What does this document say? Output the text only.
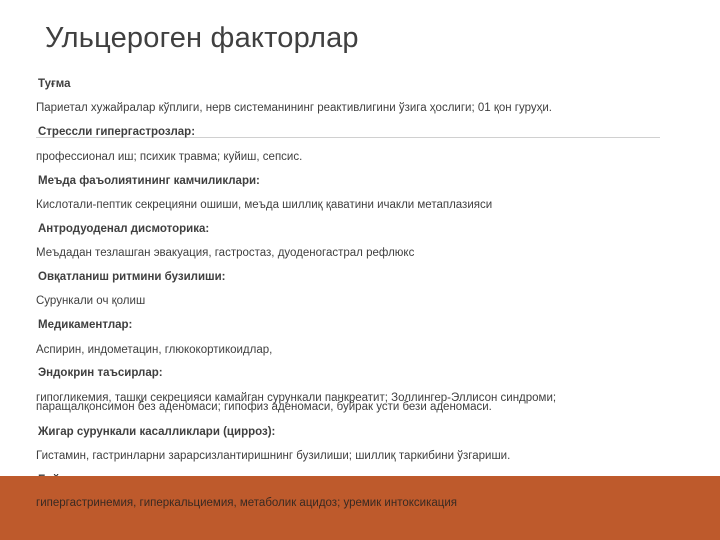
Ульцероген факторлар
Туғма
Париетал хужайралар кўплиги, нерв системанининг реактивлигини ўзига ҳослиги; 01 қон гуруҳи.
Стрессли гипергастрозлар:
профессионал иш; психик травма; куйиш, сепсис.
Меъда фаъолиятининг камчиликлари:
Кислотали-пептик секрецияни ошиши, меъда шиллиқ қаватини ичакли метаплазияси
Антродуоденал дисмоторика:
Меъдадан тезлашган эвакуация, гастростаз, дуоденогастрал рефлюкс
Овқатланиш ритмини бузилиши:
Сурункали оч қолиш
Медикаментлар:
Аспирин, индометацин, глюкокортикоидлар,
Эндокрин таъсирлар:
гипогликемия, ташқи секрецияси камайган сурункали панкреатит; Золлингер-Эллисон синдроми;
паращалқонсимон без аденомаси; гипофиз аденомаси, буйрак усти бези аденомаси.
Жигар сурункали касалликлари (цирроз):
Гистамин, гастринларни зарарсизлантиришнинг бузилиши; шиллиқ таркибини ўзгариши.
гипергастринемия, гиперкальциемия, метаболик ацидоз; уремик интоксикация
